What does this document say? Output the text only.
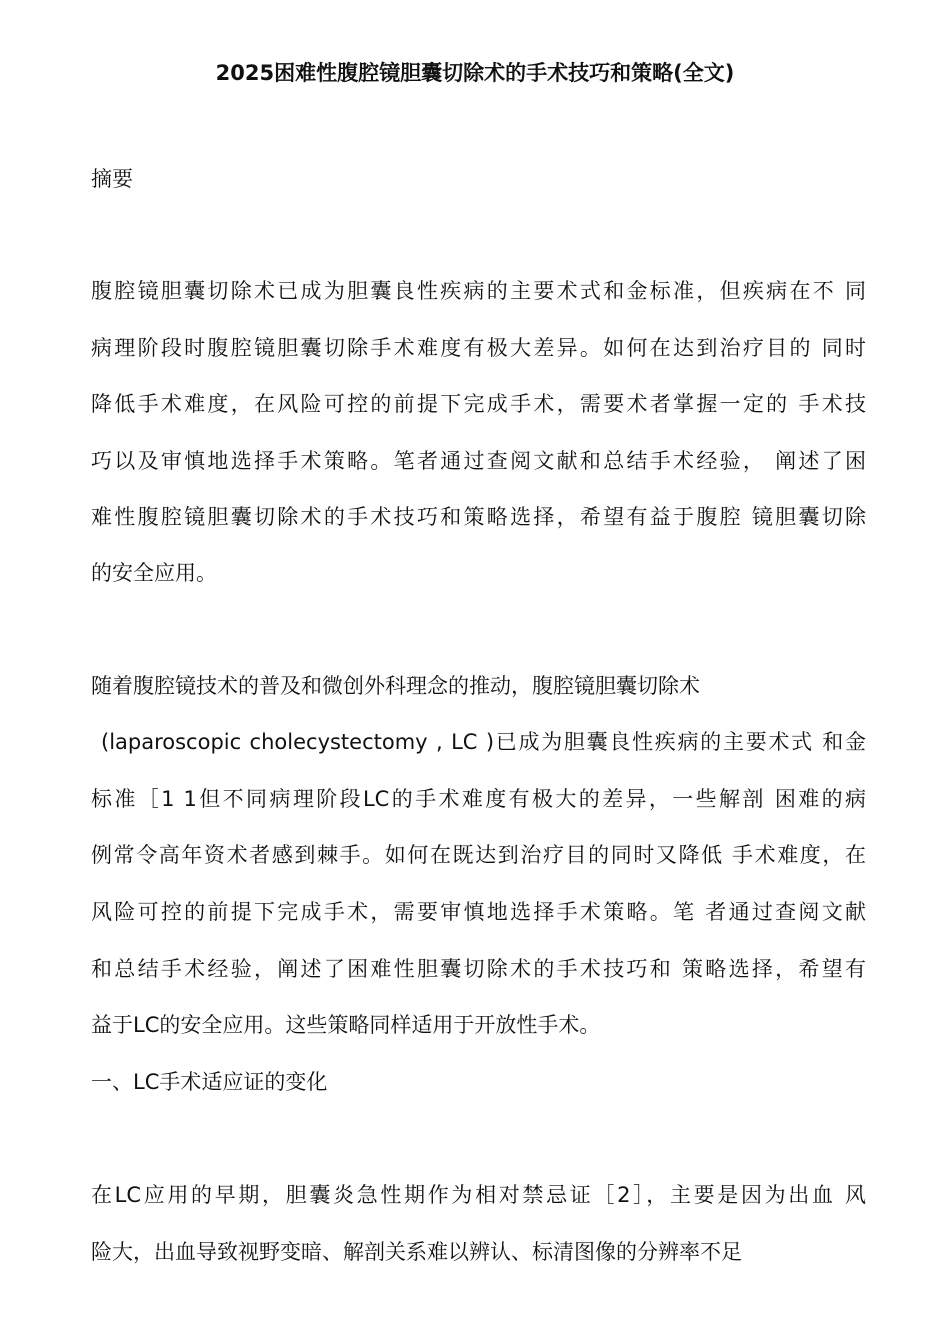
2025困难性腹腔镜胆囊切除术的手术技巧和策略(全文)
摘要
腹腔镜胆囊切除术已成为胆囊良性疾病的主要术式和金标准，但疾病在不 同
病理阶段时腹腔镜胆囊切除手术难度有极大差异。如何在达到治疗目的 同时
降低手术难度，在风险可控的前提下完成手术，需要术者掌握一定的 手术技
巧以及审慎地选择手术策略。笔者通过查阅文献和总结手术经验， 阐述了困
难性腹腔镜胆囊切除术的手术技巧和策略选择，希望有益于腹腔 镜胆囊切除
的安全应用。
随着腹腔镜技术的普及和微创外科理念的推动，腹腔镜胆囊切除术
(laparoscopic cholecystectomy , LC )已成为胆囊良性疾病的主要术式 和金
标准［1 1但不同病理阶段LC的手术难度有极大的差异，一些解剖 困难的病
例常令高年资术者感到棘手。如何在既达到治疗目的同时又降低 手术难度，在
风险可控的前提下完成手术，需要审慎地选择手术策略。笔 者通过查阅文献
和总结手术经验，阐述了困难性胆囊切除术的手术技巧和 策略选择，希望有
益于LC的安全应用。这些策略同样适用于开放性手术。
一、LC手术适应证的变化
在LC应用的早期，胆囊炎急性期作为相对禁忌证［2］，主要是因为出血 风
险大，出血导致视野变暗、解剖关系难以辨认、标清图像的分辨率不足
